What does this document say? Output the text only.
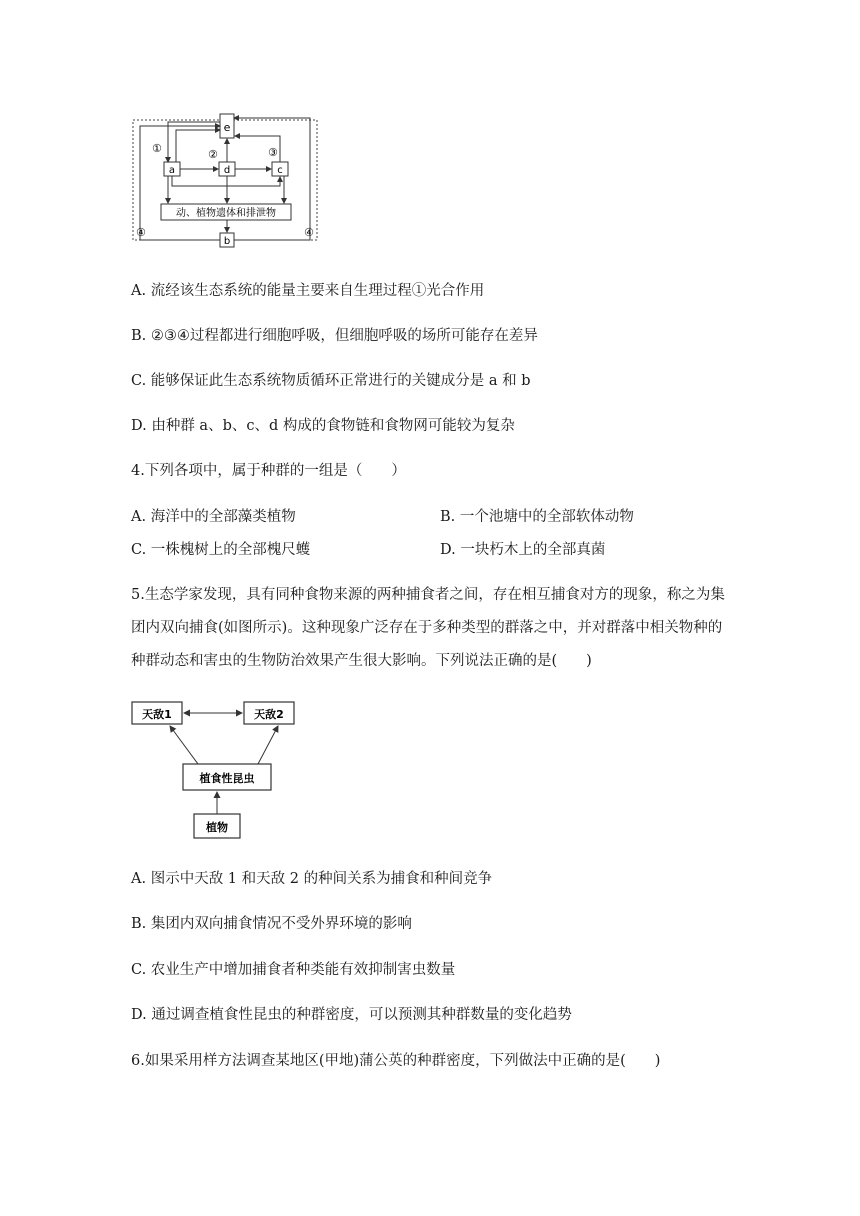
e
a	d	c
动、植物遗体和排泄物
b
①	②	③
④	④
A. 流经该生态系统的能量主要来自生理过程①光合作用
B. ②③④过程都进行细胞呼吸，但细胞呼吸的场所可能存在差异
C. 能够保证此生态系统物质循环正常进行的关键成分是 a 和 b
D. 由种群 a、b、c、d 构成的食物链和食物网可能较为复杂
4.下列各项中，属于种群的一组是（　　）
A. 海洋中的全部藻类植物	B. 一个池塘中的全部软体动物
C. 一株槐树上的全部槐尺蠖	D. 一块朽木上的全部真菌
5.生态学家发现，具有同种食物来源的两种捕食者之间，存在相互捕食对方的现象，称之为集团内双向捕食(如图所示)。这种现象广泛存在于多种类型的群落之中，并对群落中相关物种的种群动态和害虫的生物防治效果产生很大影响。下列说法正确的是(　　)
天敌1	天敌2
植食性昆虫
植物
A. 图示中天敌 1 和天敌 2 的种间关系为捕食和种间竞争
B. 集团内双向捕食情况不受外界环境的影响
C. 农业生产中增加捕食者种类能有效抑制害虫数量
D. 通过调查植食性昆虫的种群密度，可以预测其种群数量的变化趋势
6.如果采用样方法调查某地区(甲地)蒲公英的种群密度，下列做法中正确的是(　　)
